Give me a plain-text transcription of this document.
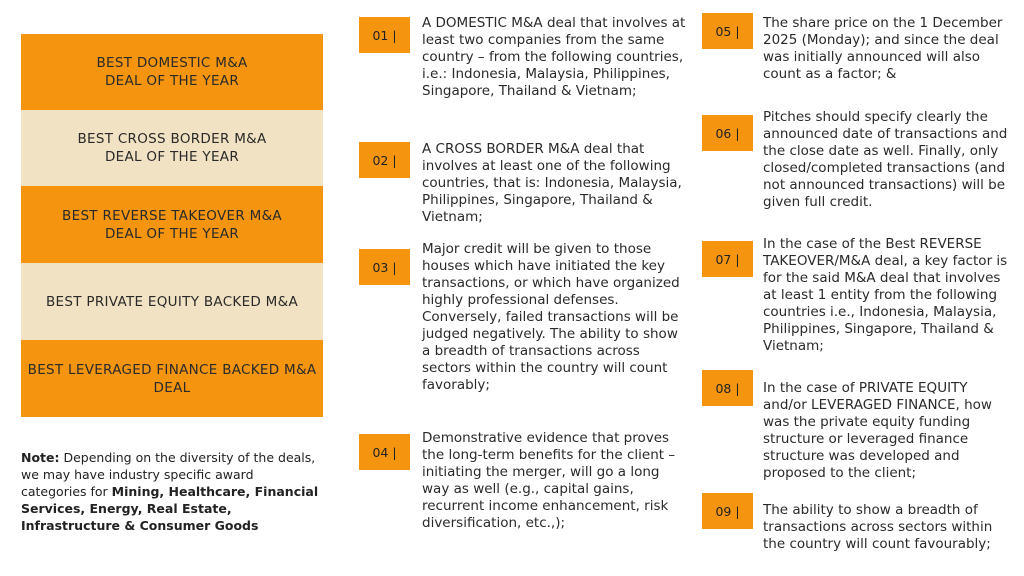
BEST DOMESTIC M&A DEAL OF THE YEAR
BEST CROSS BORDER M&A DEAL OF THE YEAR
BEST REVERSE TAKEOVER M&A DEAL OF THE YEAR
BEST PRIVATE EQUITY BACKED M&A
BEST LEVERAGED FINANCE BACKED M&A DEAL
Note: Depending on the diversity of the deals, we may have industry specific award categories for Mining, Healthcare, Financial Services, Energy, Real Estate, Infrastructure & Consumer Goods
01 |
A DOMESTIC M&A deal that involves at least two companies from the same country – from the following countries, i.e.: Indonesia, Malaysia, Philippines, Singapore, Thailand & Vietnam;
02 |
A CROSS BORDER M&A deal that involves at least one of the following countries, that is: Indonesia, Malaysia, Philippines, Singapore, Thailand & Vietnam;
03 |
Major credit will be given to those houses which have initiated the key transactions, or which have organized highly professional defenses. Conversely, failed transactions will be judged negatively. The ability to show a breadth of transactions across sectors within the country will count favorably;
04 |
Demonstrative evidence that proves the long-term benefits for the client – initiating the merger, will go a long way as well (e.g., capital gains, recurrent income enhancement, risk diversification, etc.,);
05 |	The share price on the 1 December 2025 (Monday); and since the deal was initially announced will also count as a factor; &
06 |
Pitches should specify clearly the announced date of transactions and the close date as well. Finally, only closed/completed transactions (and not announced transactions) will be given full credit.
07 |
In the case of the Best REVERSE TAKEOVER/M&A deal, a key factor is for the said M&A deal that involves at least 1 entity from the following countries i.e., Indonesia, Malaysia, Philippines, Singapore, Thailand & Vietnam;
08 |	In the case of PRIVATE EQUITY and/or LEVERAGED FINANCE, how was the private equity funding structure or leveraged finance structure was developed and proposed to the client;
09 |	The ability to show a breadth of transactions across sectors within the country will count favourably;
